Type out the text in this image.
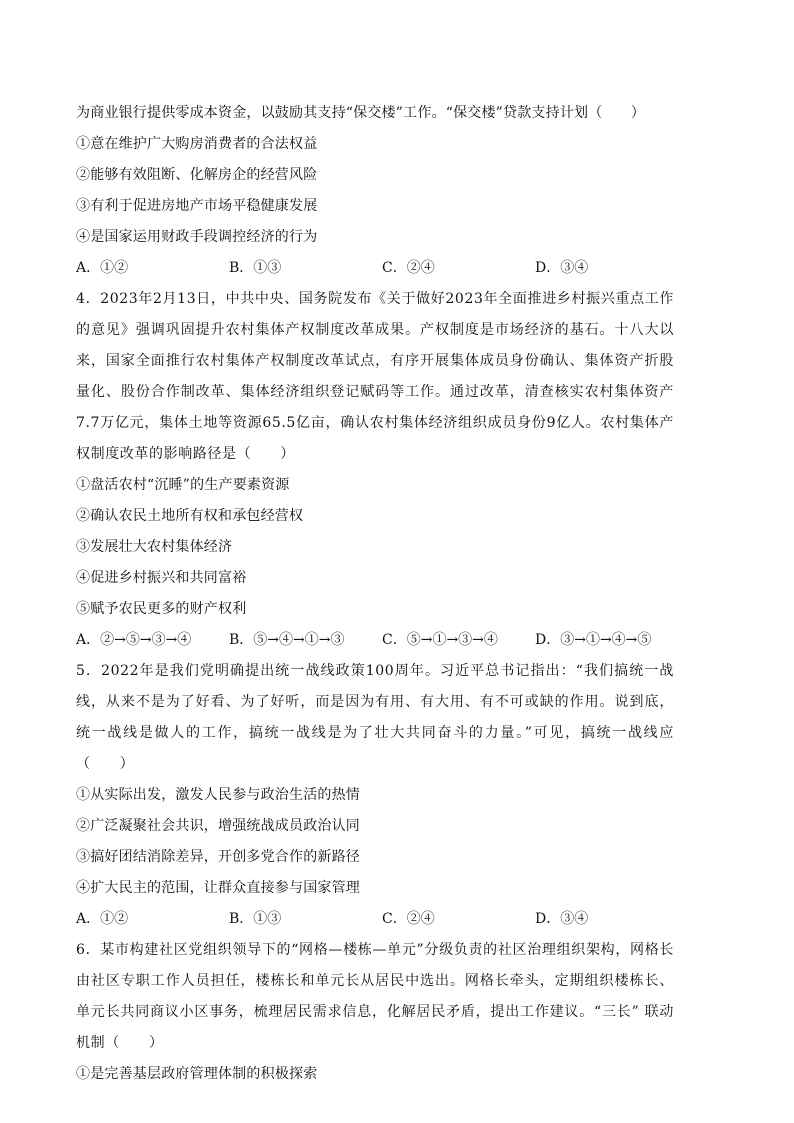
为商业银行提供零成本资金，以鼓励其支持“保交楼”工作。“保交楼”贷款支持计划（　　）
①意在维护广大购房消费者的合法权益
②能够有效阻断、化解房企的经营风险
③有利于促进房地产市场平稳健康发展
④是国家运用财政手段调控经济的行为
A．①②	B．①③	C．②④	D．③④
4．2023年2月13日，中共中央、国务院发布《关于做好2023年全面推进乡村振兴重点工作的意见》强调巩固提升农村集体产权制度改革成果。产权制度是市场经济的基石。十八大以来，国家全面推行农村集体产权制度改革试点，有序开展集体成员身份确认、集体资产折股量化、股份合作制改革、集体经济组织登记赋码等工作。通过改革，清查核实农村集体资产7.7万亿元，集体土地等资源65.5亿亩，确认农村集体经济组织成员身份9亿人。农村集体产权制度改革的影响路径是（　　）
①盘活农村“沉睡”的生产要素资源
②确认农民土地所有权和承包经营权
③发展壮大农村集体经济
④促进乡村振兴和共同富裕
⑤赋予农民更多的财产权利
A．②→⑤→③→④	B．⑤→④→①→③	C．⑤→①→③→④	D．③→①→④→⑤
5．2022年是我们党明确提出统一战线政策100周年。习近平总书记指出：“我们搞统一战线，从来不是为了好看、为了好听，而是因为有用、有大用、有不可或缺的作用。说到底，统一战线是做人的工作，搞统一战线是为了壮大共同奋斗的力量。”可见，搞统一战线应（　　）
①从实际出发，激发人民参与政治生活的热情
②广泛凝聚社会共识，增强统战成员政治认同
③搞好团结消除差异，开创多党合作的新路径
④扩大民主的范围，让群众直接参与国家管理
A．①②	B．①③	C．②④	D．③④
6．某市构建社区党组织领导下的“网格—楼栋—单元”分级负责的社区治理组织架构，网格长由社区专职工作人员担任，楼栋长和单元长从居民中选出。网格长牵头，定期组织楼栋长、单元长共同商议小区事务，梳理居民需求信息，化解居民矛盾，提出工作建议。“三长” 联动机制（　　）
①是完善基层政府管理体制的积极探索
